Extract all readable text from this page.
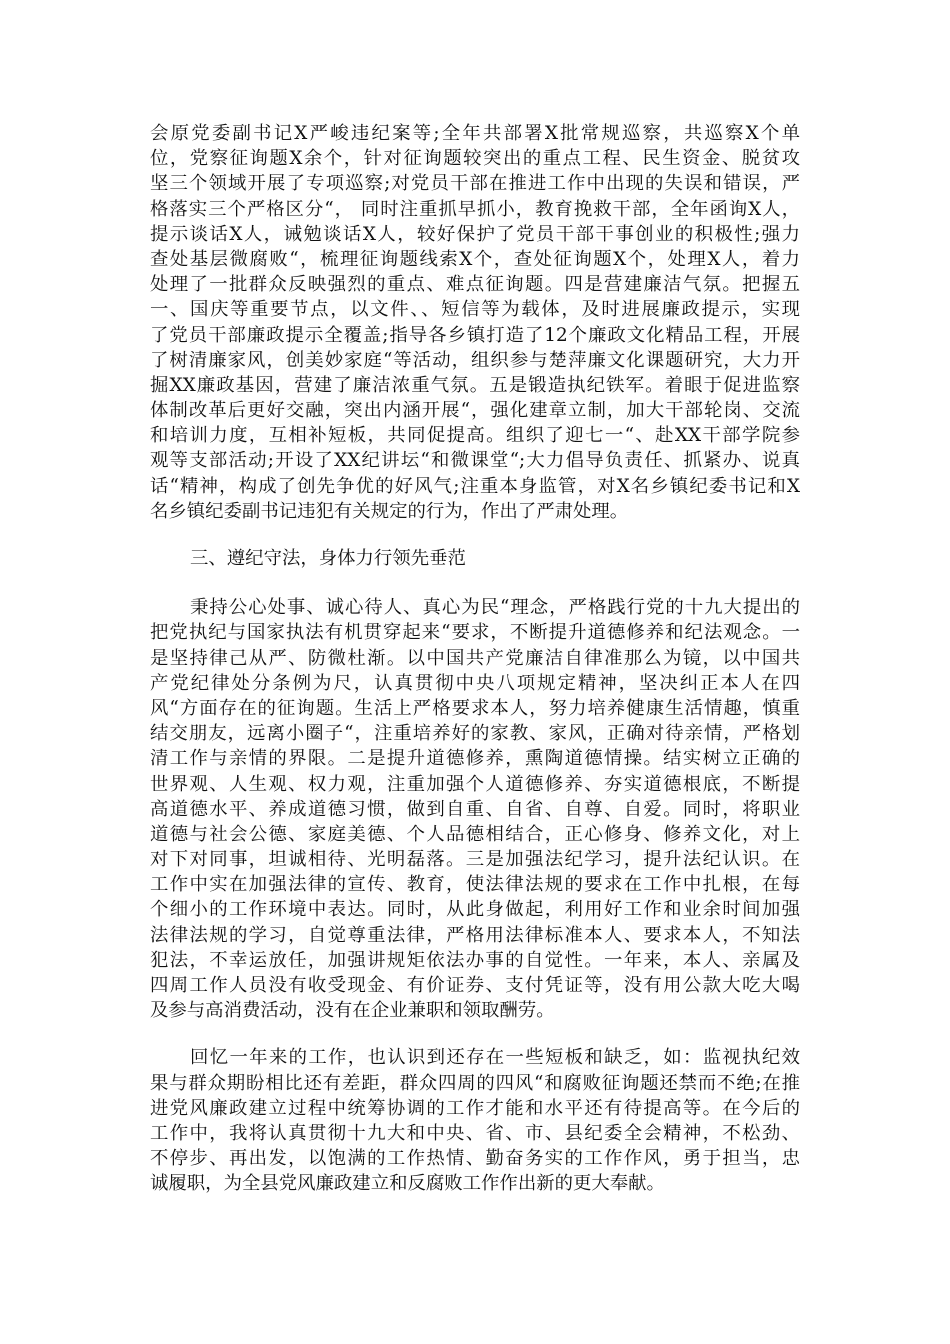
会原党委副书记X严峻违纪案等;全年共部署X批常规巡察，共巡察X个单
位，党察征询题X余个，针对征询题较突出的重点工程、民生资金、脱贫攻
坚三个领域开展了专项巡察;对党员干部在推进工作中出现的失误和错误，严
格落实三个严格区分“， 同时注重抓早抓小，教育挽救干部，全年函询X人，
提示谈话X人，诫勉谈话X人，较好保护了党员干部干事创业的积极性;强力
查处基层微腐败“，梳理征询题线索X个，查处征询题X个，处理X人，着力
处理了一批群众反映强烈的重点、难点征询题。四是营建廉洁气氛。把握五
一、国庆等重要节点，以文件、、短信等为载体，及时进展廉政提示，实现
了党员干部廉政提示全覆盖;指导各乡镇打造了12个廉政文化精品工程，开展
了树清廉家风，创美妙家庭“等活动，组织参与楚萍廉文化课题研究，大力开
掘XX廉政基因，营建了廉洁浓重气氛。五是锻造执纪铁军。着眼于促进监察
体制改革后更好交融，突出内涵开展“，强化建章立制，加大干部轮岗、交流
和培训力度，互相补短板，共同促提高。组织了迎七一“、赴XX干部学院参
观等支部活动;开设了XX纪讲坛“和微课堂“;大力倡导负责任、抓紧办、说真
话“精神，构成了创先争优的好风气;注重本身监管，对X名乡镇纪委书记和X
名乡镇纪委副书记违犯有关规定的行为，作出了严肃处理。
三、遵纪守法，身体力行领先垂范
秉持公心处事、诚心待人、真心为民“理念，严格践行党的十九大提出的
把党执纪与国家执法有机贯穿起来“要求，不断提升道德修养和纪法观念。一
是坚持律己从严、防微杜渐。以中国共产党廉洁自律准那么为镜，以中国共
产党纪律处分条例为尺，认真贯彻中央八项规定精神，坚决纠正本人在四
风“方面存在的征询题。生活上严格要求本人，努力培养健康生活情趣，慎重
结交朋友，远离小圈子“，注重培养好的家教、家风，正确对待亲情，严格划
清工作与亲情的界限。二是提升道德修养，熏陶道德情操。结实树立正确的
世界观、人生观、权力观，注重加强个人道德修养、夯实道德根底，不断提
高道德水平、养成道德习惯，做到自重、自省、自尊、自爱。同时，将职业
道德与社会公德、家庭美德、个人品德相结合，正心修身、修养文化，对上
对下对同事，坦诚相待、光明磊落。三是加强法纪学习，提升法纪认识。在
工作中实在加强法律的宣传、教育，使法律法规的要求在工作中扎根，在每
个细小的工作环境中表达。同时，从此身做起，利用好工作和业余时间加强
法律法规的学习，自觉尊重法律，严格用法律标准本人、要求本人，不知法
犯法，不幸运放任，加强讲规矩依法办事的自觉性。一年来，本人、亲属及
四周工作人员没有收受现金、有价证券、支付凭证等，没有用公款大吃大喝
及参与高消费活动，没有在企业兼职和领取酬劳。
回忆一年来的工作，也认识到还存在一些短板和缺乏，如：监视执纪效
果与群众期盼相比还有差距，群众四周的四风“和腐败征询题还禁而不绝;在推
进党风廉政建立过程中统筹协调的工作才能和水平还有待提高等。在今后的
工作中，我将认真贯彻十九大和中央、省、市、县纪委全会精神，不松劲、
不停步、再出发，以饱满的工作热情、勤奋务实的工作作风，勇于担当，忠
诚履职，为全县党风廉政建立和反腐败工作作出新的更大奉献。
